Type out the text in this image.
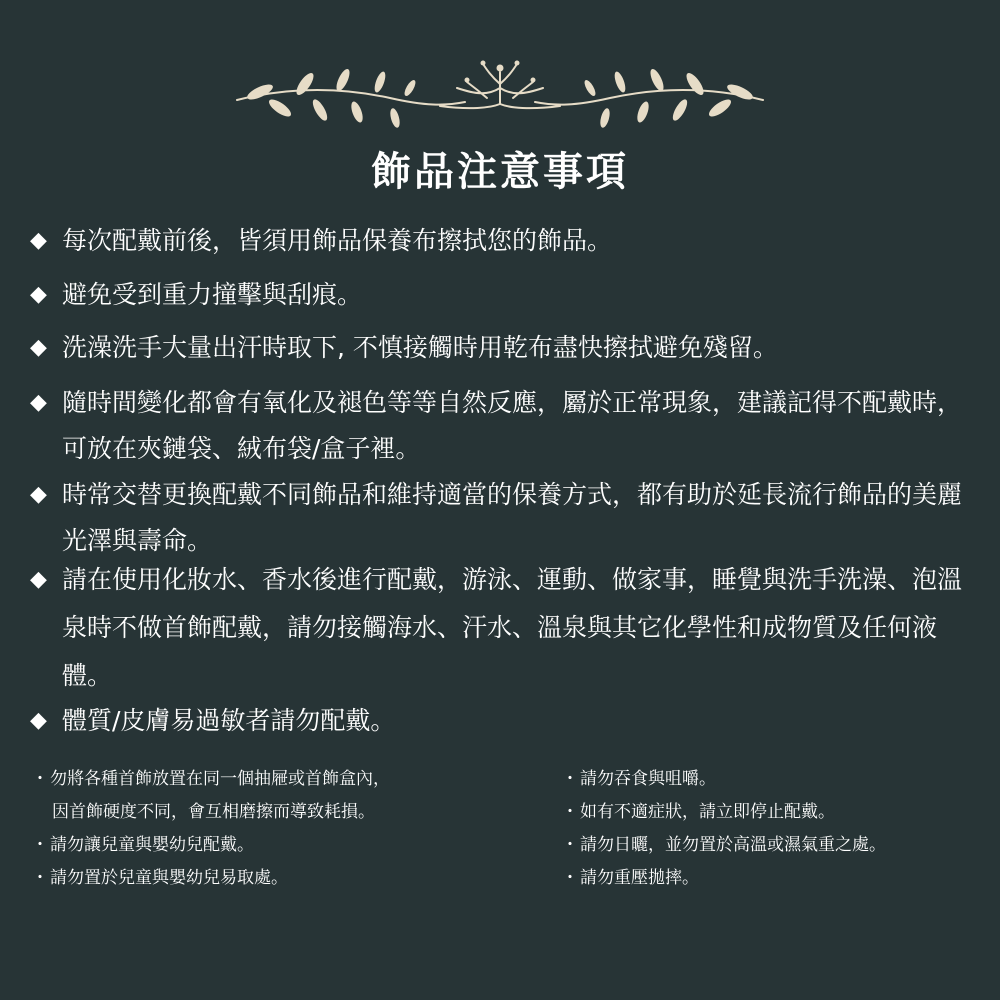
飾品注意事項
◆ 每次配戴前後，皆須用飾品保養布擦拭您的飾品。
◆ 避免受到重力撞擊與刮痕。
◆ 洗澡洗手大量出汗時取下, 不慎接觸時用乾布盡快擦拭避免殘留。
◆ 隨時間變化都會有氧化及褪色等等自然反應，屬於正常現象，建議記得不配戴時，可放在夾鏈袋、絨布袋/盒子裡。
◆ 時常交替更換配戴不同飾品和維持適當的保養方式，都有助於延長流行飾品的美麗光澤與壽命。
◆ 請在使用化妝水、香水後進行配戴，游泳、運動、做家事，睡覺與洗手洗澡、泡溫泉時不做首飾配戴，請勿接觸海水、汗水、溫泉與其它化學性和成物質及任何液體。
◆ 體質/皮膚易過敏者請勿配戴。
・勿將各種首飾放置在同一個抽屜或首飾盒內，
因首飾硬度不同，會互相磨擦而導致耗損。
・請勿讓兒童與嬰幼兒配戴。
・請勿置於兒童與嬰幼兒易取處。
・請勿吞食與咀嚼。
・如有不適症狀，請立即停止配戴。
・請勿日曬，並勿置於高溫或濕氣重之處。
・請勿重壓拋摔。
